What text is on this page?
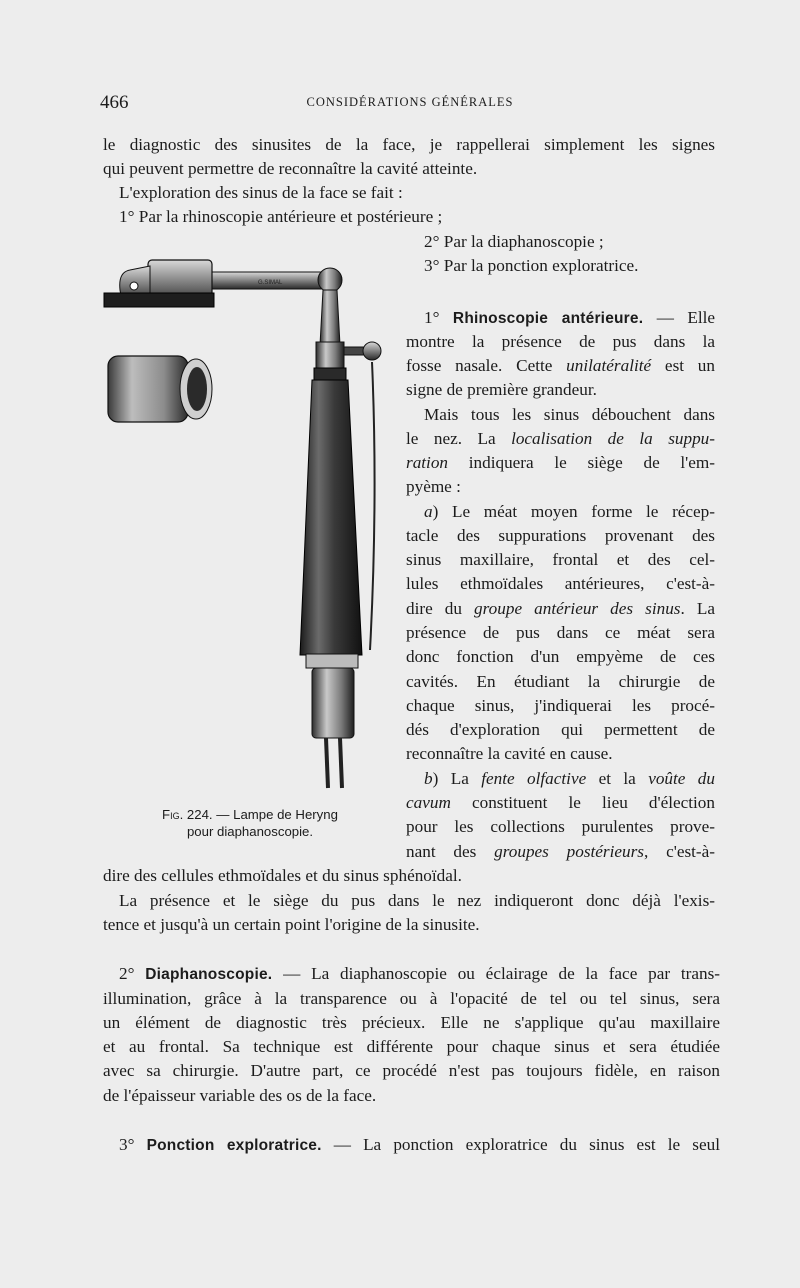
466	CONSIDÉRATIONS GÉNÉRALES
le diagnostic des sinusites de la face, je rappellerai simplement les signes
qui peuvent permettre de reconnaître la cavité atteinte.
L'exploration des sinus de la face se fait :
1° Par la rhinoscopie antérieure et postérieure ;
2° Par la diaphanoscopie ;
3° Par la ponction exploratrice.
1° Rhinoscopie antérieure. — Elle
montre la présence de pus dans la
fosse nasale. Cette unilatéralité est un
signe de première grandeur.
Mais tous les sinus débouchent dans
le nez. La localisation de la suppu-
ration indiquera le siège de l'em-
pyème :
a) Le méat moyen forme le récep-
tacle des suppurations provenant des
sinus maxillaire, frontal et des cel-
lules ethmoïdales antérieures, c'est-à-
dire du groupe antérieur des sinus. La
présence de pus dans ce méat sera
donc fonction d'un empyème de ces
cavités. En étudiant la chirurgie de
chaque sinus, j'indiquerai les procé-
dés d'exploration qui permettent de
reconnaître la cavité en cause.
b) La fente olfactive et la voûte du
cavum constituent le lieu d'élection
pour les collections purulentes prove-
nant des groupes postérieurs, c'est-à-
dire des cellules ethmoïdales et du sinus sphénoïdal.
La présence et le siège du pus dans le nez indiqueront donc déjà l'exis-
tence et jusqu'à un certain point l'origine de la sinusite.
2° Diaphanoscopie. — La diaphanoscopie ou éclairage de la face par trans-
illumination, grâce à la transparence ou à l'opacité de tel ou tel sinus, sera
un élément de diagnostic très précieux. Elle ne s'applique qu'au maxillaire
et au frontal. Sa technique est différente pour chaque sinus et sera étudiée
avec sa chirurgie. D'autre part, ce procédé n'est pas toujours fidèle, en raison
de l'épaisseur variable des os de la face.
3° Ponction exploratrice. — La ponction exploratrice du sinus est le seul
G.SIMAL
Fig. 224. — Lampe de Heryng
pour diaphanoscopie.
